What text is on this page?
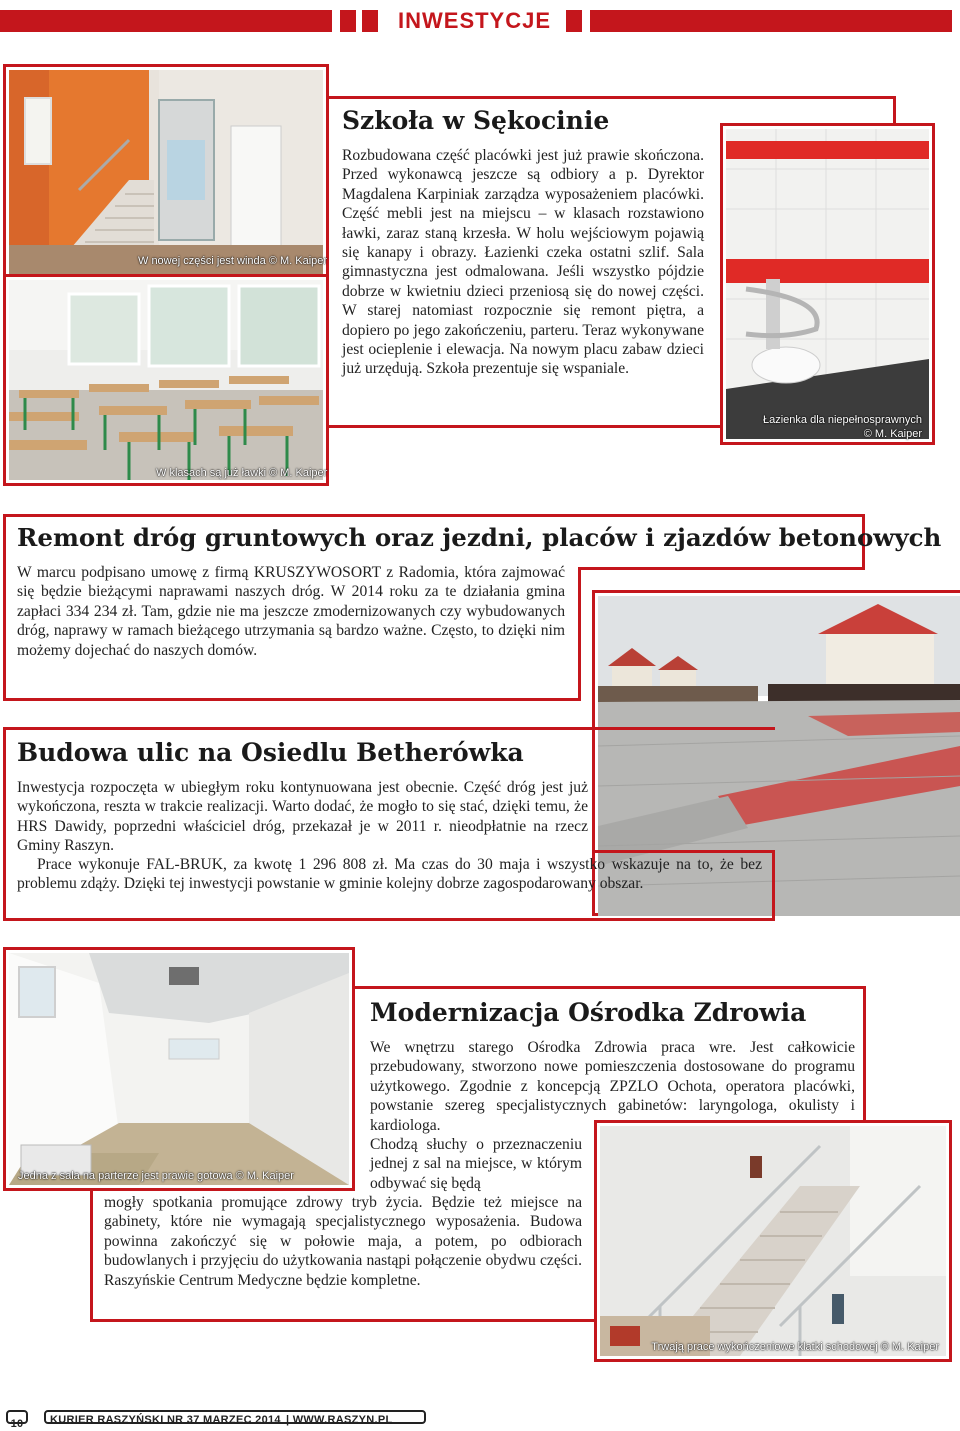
INWESTYCJE
W nowej części jest winda © M. Kaiper
W klasach są już ławki © M. Kaiper
Łazienka dla niepełnosprawnych
© M. Kaiper
Szkoła w Sękocinie
Rozbudowana część placówki jest już prawie skończona. Przed wykonawcą jeszcze są odbiory a p. Dyrektor Magdalena Karpiniak zarządza wyposażeniem placówki. Część mebli jest na miejscu – w klasach rozstawiono ławki, zaraz staną krzesła. W holu wejściowym pojawią się kanapy i obrazy. Łazienki czeka ostatni szlif. Sala gimnastyczna jest odmalowana. Jeśli wszystko pójdzie dobrze w kwietniu dzieci przeniosą się do nowej części. W starej natomiast rozpocznie się remont piętra, a dopiero po jego zakończeniu, parteru. Teraz wykonywane jest ocieplenie i elewacja. Na nowym placu zabaw dzieci już urzędują. Szkoła prezentuje się wspaniale.
Remont dróg gruntowych oraz jezdni, placów i zjazdów betonowych
W marcu podpisano umowę z firmą KRUSZYWOSORT z Radomia, która zajmować się będzie bieżącymi naprawami naszych dróg. W 2014 roku za te działania gmina zapłaci 334 234 zł. Tam, gdzie nie ma jeszcze zmodernizowanych czy wybudowanych dróg, naprawy w ramach bieżącego utrzymania są bardzo ważne. Często, to dzięki nim możemy dojechać do naszych domów.
Budowa ulic na Osiedlu Betherówka
Inwestycja rozpoczęta w ubiegłym roku kontynuowana jest obecnie. Część dróg jest już wykończona, reszta w trakcie realizacji. Warto dodać, że mogło to się stać, dzięki temu, że HRS Dawidy, poprzedni właściciel dróg, przekazał je w 2011 r. nieodpłatnie na rzecz Gminy Raszyn.
Prace wykonuje FAL-BRUK, za kwotę 1 296 808 zł. Ma czas do 30 maja i wszystko wskazuje na to, że bez problemu zdąży. Dzięki tej inwestycji powstanie w gminie kolejny dobrze zagospodarowany obszar.
Jedna z sala na parterze jest prawie gotowa © M. Kaiper
Trwają prace wykończeniowe klatki schodowej © M. Kaiper
Modernizacja Ośrodka Zdrowia
We wnętrzu starego Ośrodka Zdrowia praca wre. Jest całkowicie przebudowany, stworzono nowe pomieszczenia dostosowane do programu użytkowego. Zgodnie z koncepcją ZPZLO Ochota, operatora placówki, powstanie szereg specjalistycznych gabinetów: laryngologa, okulisty i kardiologa.
Chodzą słuchy o przeznaczeniu jednej z sal na miejsce, w którym odbywać się będą
mogły spotkania promujące zdrowy tryb życia. Będzie też miejsce na gabinety, które nie wymagają specjalistycznego wyposażenia. Budowa powinna zakończyć się w połowie maja, a potem, po odbiorach budowlanych i przyjęciu do użytkowania nastąpi połączenie obydwu części. Raszyńskie Centrum Medyczne będzie kompletne.
10	KURIER RASZYŃSKI NR 37 MARZEC 2014 | WWW.RASZYN.PL
